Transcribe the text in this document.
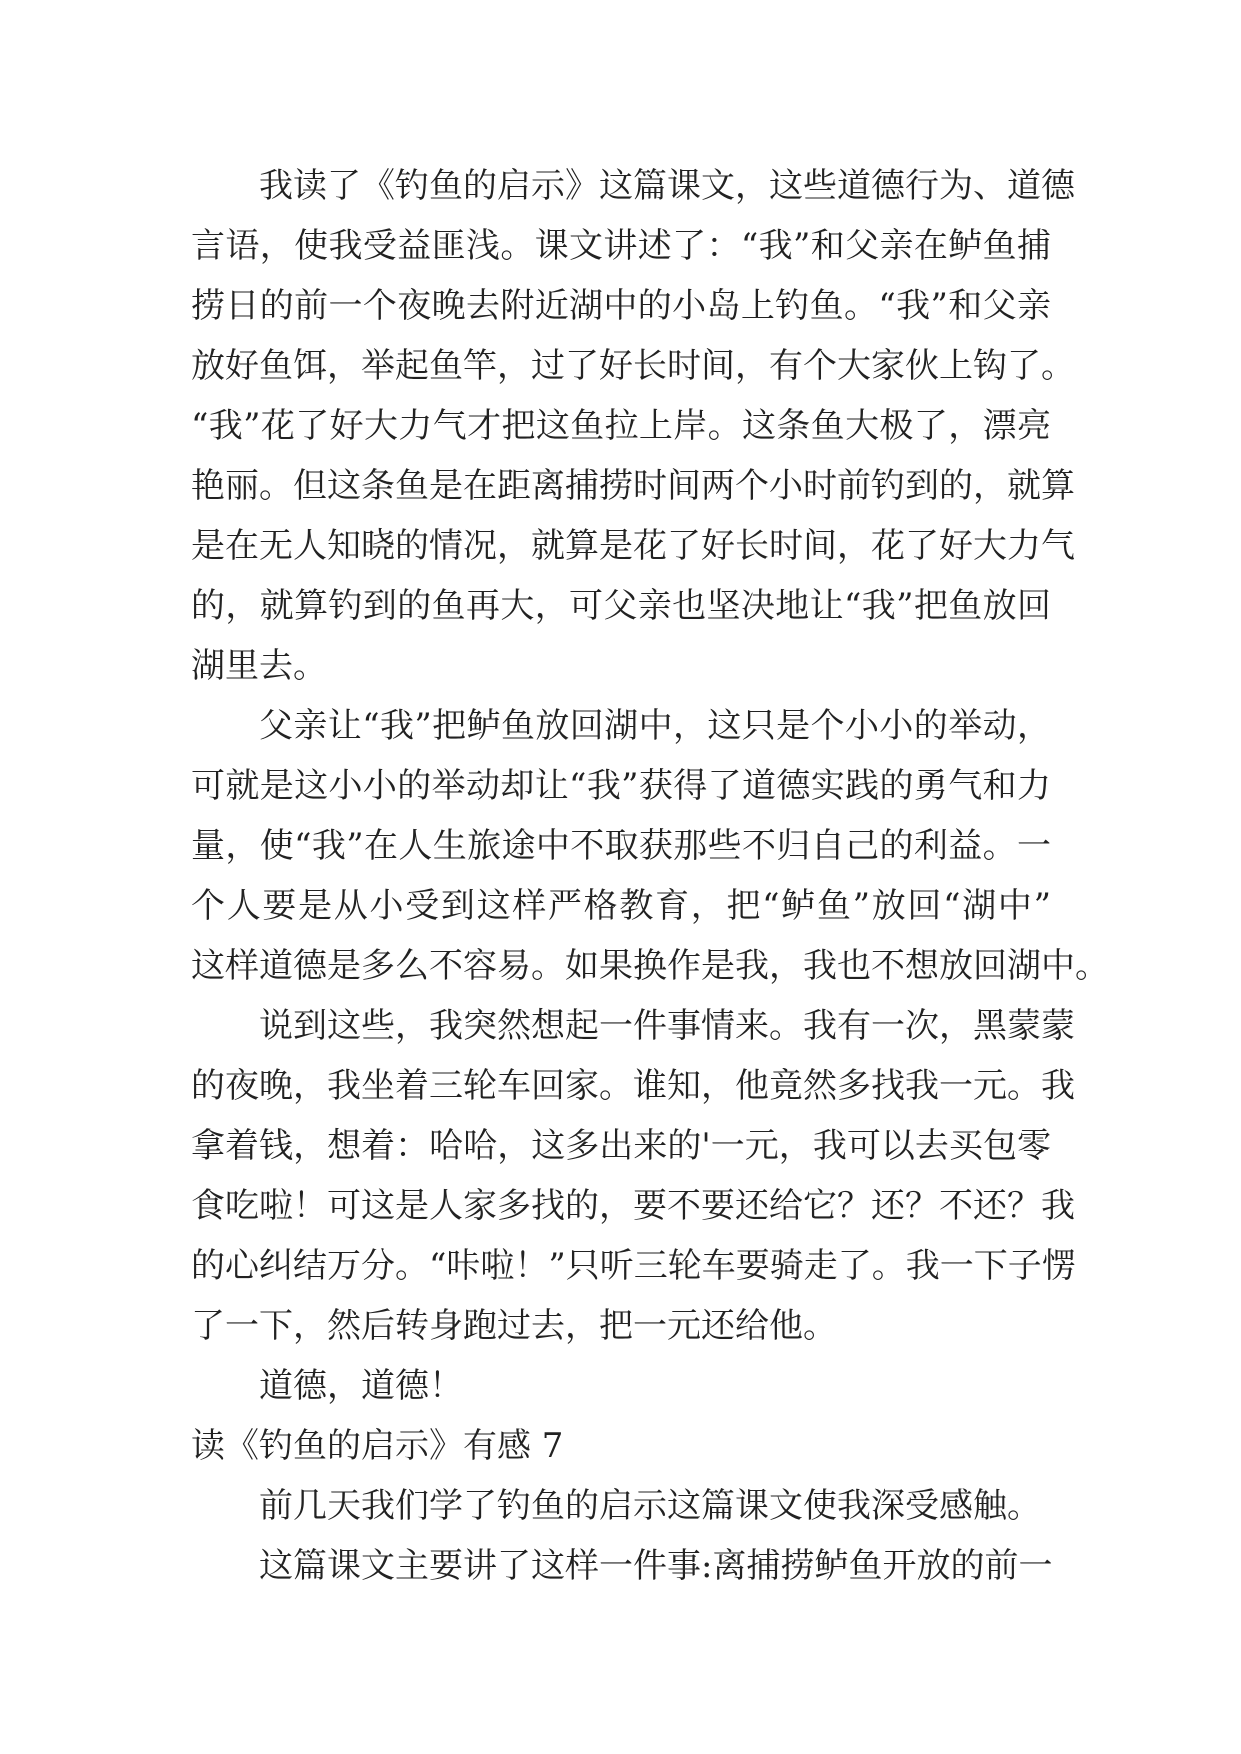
我读了《钓鱼的启示》这篇课文，这些道德行为、道德
言语，使我受益匪浅。课文讲述了：“我”和父亲在鲈鱼捕
捞日的前一个夜晚去附近湖中的小岛上钓鱼。“我”和父亲
放好鱼饵，举起鱼竿，过了好长时间，有个大家伙上钩了。
“我”花了好大力气才把这鱼拉上岸。这条鱼大极了，漂亮
艳丽。但这条鱼是在距离捕捞时间两个小时前钓到的，就算
是在无人知晓的情况，就算是花了好长时间，花了好大力气
的，就算钓到的鱼再大，可父亲也坚决地让“我”把鱼放回
湖里去。
父亲让“我”把鲈鱼放回湖中，这只是个小小的举动，
可就是这小小的举动却让“我”获得了道德实践的勇气和力
量，使“我”在人生旅途中不取获那些不归自己的利益。一
个人要是从小受到这样严格教育，把“鲈鱼”放回“湖中”
这样道德是多么不容易。如果换作是我，我也不想放回湖中。
说到这些，我突然想起一件事情来。我有一次，黑蒙蒙
的夜晚，我坐着三轮车回家。谁知，他竟然多找我一元。我
拿着钱，想着：哈哈，这多出来的'一元，我可以去买包零
食吃啦！可这是人家多找的，要不要还给它？还？不还？我
的心纠结万分。“咔啦！”只听三轮车要骑走了。我一下子愣
了一下，然后转身跑过去，把一元还给他。
道德，道德！
读《钓鱼的启示》有感 7
前几天我们学了钓鱼的启示这篇课文使我深受感触。
这篇课文主要讲了这样一件事:离捕捞鲈鱼开放的前一
